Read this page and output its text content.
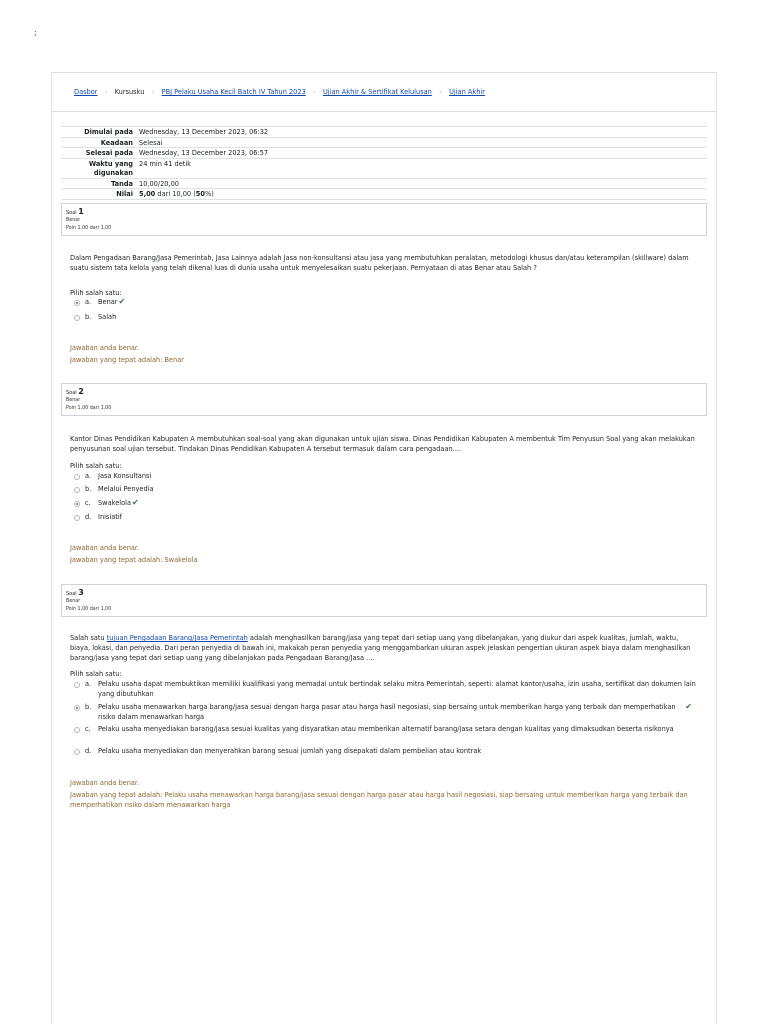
;
Dasbor › Kursusku › PBJ Pelaku Usaha Kecil Batch IV Tahun 2023 › Ujian Akhir & Sertifikat Kelulusan › Ujian Akhir
Dimulai pada	Wednesday, 13 December 2023, 06:32
Keadaan	Selesai
Selesai pada	Wednesday, 13 December 2023, 06:57
Waktu yang digunakan	24 min 41 detik
Tanda	10,00/20,00
Nilai	5,00 dari 10,00 (50%)
Soal 1
Benar
Poin 1,00 dari 1,00
Dalam Pengadaan Barang/Jasa Pemerintah, Jasa Lainnya adalah Jasa non-konsultansi atau jasa yang membutuhkan peralatan, metodologi khusus dan/atau keterampilan (skillware) dalam suatu sistem tata kelola yang telah dikenal luas di dunia usaha untuk menyelesaikan suatu pekerjaan. Pernyataan di atas Benar atau Salah ?
Pilih salah satu:
a.	Benar ✔
b.	Salah
Jawaban anda benar.
Jawaban yang tepat adalah: Benar
Soal 2
Benar
Poin 1,00 dari 1,00
Kantor Dinas Pendidikan Kabupaten A membutuhkan soal-soal yang akan digunakan untuk ujian siswa. Dinas Pendidikan Kabupaten A membentuk Tim Penyusun Soal yang akan melakukan penyusunan soal ujian tersebut. Tindakan Dinas Pendidikan Kabupaten A tersebut termasuk dalam cara pengadaan....
Pilih salah satu:
a.	Jasa Konsultansi
b.	Melalui Penyedia
c.	Swakelola ✔
d.	Inisiatif
Jawaban anda benar.
Jawaban yang tepat adalah: Swakelola
Soal 3
Benar
Poin 1,00 dari 1,00
Salah satu tujuan Pengadaan Barang/Jasa Pemerintah adalah menghasilkan barang/jasa yang tepat dari setiap uang yang dibelanjakan, yang diukur dari aspek kualitas, jumlah, waktu, biaya, lokasi, dan penyedia. Dari peran penyedia di bawah ini, makakah peran penyedia yang menggambarkan ukuran aspek jelaskan pengertian ukuran aspek biaya dalam menghasilkan barang/jasa yang tepat dari setiap uang yang dibelanjakan pada Pengadaan Barang/Jasa ....
Pilih salah satu:
a.	Pelaku usaha dapat membuktikan memiliki kualifikasi yang memadai untuk bertindak selaku mitra Pemerintah, seperti: alamat kantor/usaha, izin usaha, sertifikat dan dokumen lain yang dibutuhkan
b.	Pelaku usaha menawarkan harga barang/jasa sesuai dengan harga pasar atau harga hasil negosiasi, siap bersaing untuk memberikan harga yang terbaik dan memperhatikan risiko dalam menawarkan harga
✔
c.	Pelaku usaha menyediakan barang/jasa sesuai kualitas yang disyaratkan atau memberikan alternatif barang/jasa setara dengan kualitas yang dimaksudkan beserta risikonya
d.	Pelaku usaha menyediakan dan menyerahkan barang sesuai jumlah yang disepakati dalam pembelian atau kontrak
Jawaban anda benar.
Jawaban yang tepat adalah: Pelaku usaha menawarkan harga barang/jasa sesuai dengan harga pasar atau harga hasil negosiasi, siap bersaing untuk memberikan harga yang terbaik dan memperhatikan risiko dalam menawarkan harga
